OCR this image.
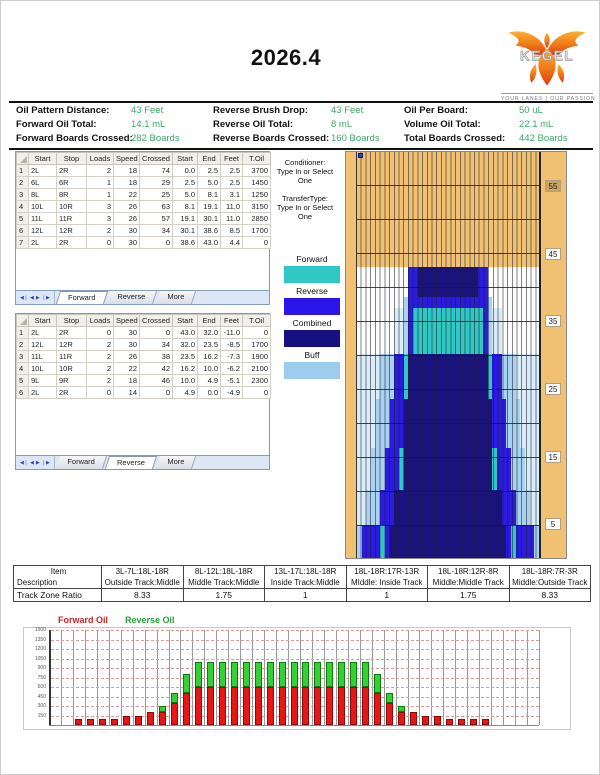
2026.4	KEGEL
YOUR LANES | OUR PASSION
Oil Pattern Distance: 43 Feet
Forward Oil Total:	14.1 mL
Forward Boards Crossed:
282 Boards
Reverse Brush Drop: 43 Feet
Reverse Oil Total:	8 mL
Reverse Boards Crossed: 160 Boards
Oil Per Board:	50 uL
Volume Oil Total:	22.1 mL
Total Boards Crossed: 442 Boards
	Start	Stop	Loads	Speed	Crossed	Start	End	Feet	T.Oil
1	2L	2R	2	18	74	0.0	2.5	2.5	3700
2	6L	6R	1	18	29	2.5	5.0	2.5	1450
3	8L	8R	1	22	25	5.0	8.1	3.1	1250
4	10L	10R	3	26	63	8.1	19.1	11.0	3150
5	11L	11R	3	26	57	19.1	30.1	11.0	2850
6	12L	12R	2	30	34	30.1	38.6	8.5	1700
7	2L	2R	0	30	0	38.6	43.0	4.4	0
◀❘ ◀ ▶ ❘▶ Forward	Reverse	More
	Start	Stop	Loads	Speed	Crossed	Start	End	Feet	T.Oil
1	2L	2R	0	30	0	43.0	32.0	-11.0	0
2	12L	12R	2	30	34	32.0	23.5	-8.5	1700
3	11L	11R	2	26	38	23.5	16.2	-7.3	1900
4	10L	10R	2	22	42	16.2	10.0	-6.2	2100
5	9L	9R	2	18	46	10.0	4.9	-5.1	2300
6	2L	2R	0	14	0	4.9	0.0	-4.9	0
◀❘ ◀ ▶ ❘▶ Forward	Reverse	More
Conditioner:
Type In or Select
One
TransferType:
Type In or Select
One
Forward
Reverse
Combined
Buff
55
45
35
25
15
5
Item	3L-7L:18L-18R	8L-12L:18L-18R	13L-17L:18L-18R	18L-18R:17R-13R	18L-18R:12R-8R	18L-18R:7R-3R
Description	Outside Track:Middle	Middle Track:Middle	Inside Track:Middle	MIddle: Inside Track	Middle:Middle Track	Middle:Outside Track
Track Zone Ratio	8.33	1.75	1	1	1.75	8.33
Forward Oil Reverse Oil
150
300
450
600
750
900
1050
1200
1350
1500
